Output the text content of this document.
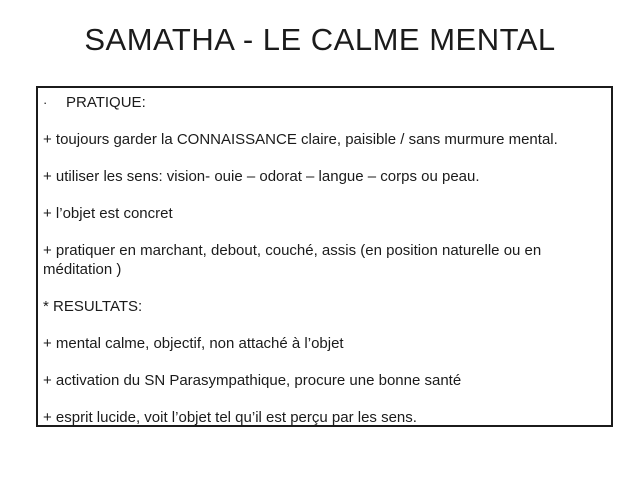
SAMATHA - LE CALME MENTAL
·	PRATIQUE:
+ toujours garder la CONNAISSANCE claire, paisible / sans murmure mental.
+ utiliser les sens: vision- ouie – odorat – langue – corps ou peau.
+ l’objet est concret
+ pratiquer en marchant, debout, couché, assis (en position naturelle ou en méditation )
* RESULTATS:
+ mental calme, objectif, non attaché à l’objet
+ activation du SN Parasympathique, procure une bonne santé
+ esprit lucide, voit l’objet tel qu’il est perçu par les sens.
